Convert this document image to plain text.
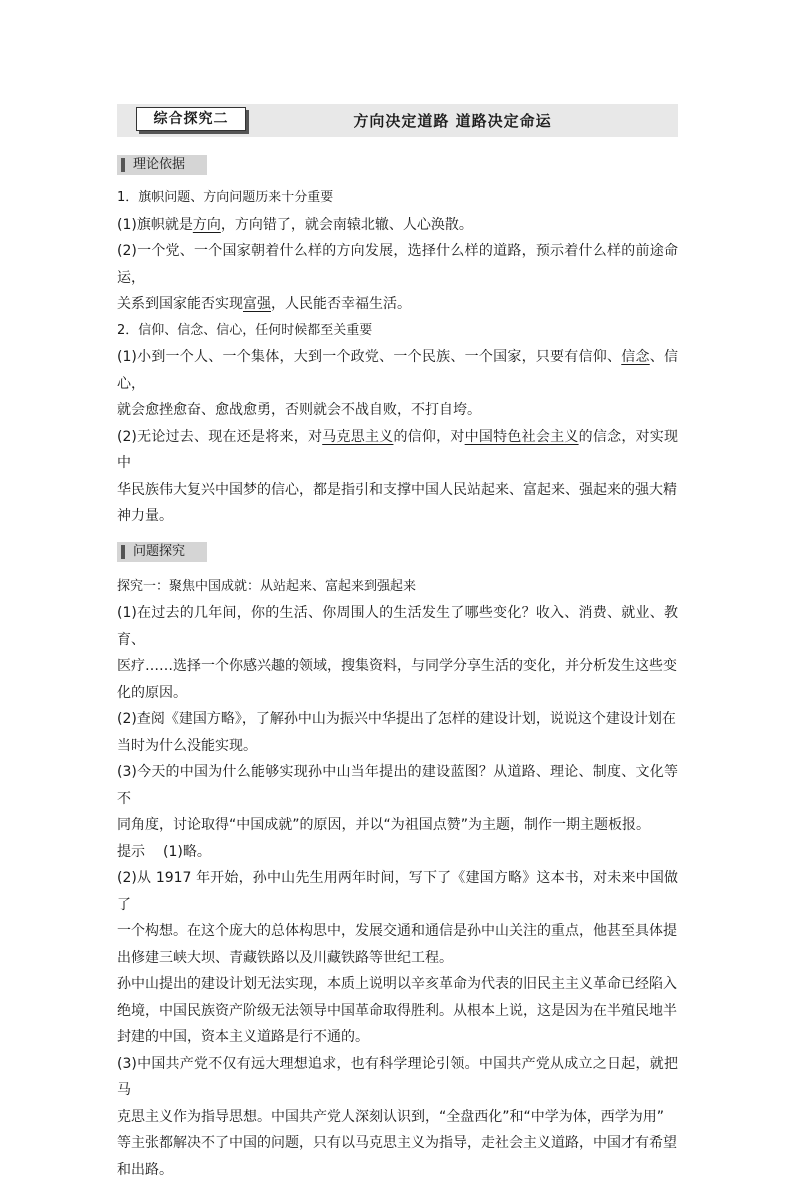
综合探究二	方向决定道路 道路决定命运
理论依据

1．旗帜问题、方向问题历来十分重要

(1)旗帜就是方向，方向错了，就会南辕北辙、人心涣散。

(2)一个党、一个国家朝着什么样的方向发展，选择什么样的道路，预示着什么样的前途命运，

关系到国家能否实现富强，人民能否幸福生活。

2．信仰、信念、信心，任何时候都至关重要

(1)小到一个人、一个集体，大到一个政党、一个民族、一个国家，只要有信仰、信念、信心，

就会愈挫愈奋、愈战愈勇，否则就会不战自败，不打自垮。

(2)无论过去、现在还是将来，对马克思主义的信仰，对中国特色社会主义的信念，对实现中

华民族伟大复兴中国梦的信心，都是指引和支撑中国人民站起来、富起来、强起来的强大精

神力量。

问题探究

探究一：聚焦中国成就：从站起来、富起来到强起来

(1)在过去的几年间，你的生活、你周围人的生活发生了哪些变化？收入、消费、就业、教育、

医疗……选择一个你感兴趣的领域，搜集资料，与同学分享生活的变化，并分析发生这些变

化的原因。

(2)查阅《建国方略》，了解孙中山为振兴中华提出了怎样的建设计划，说说这个建设计划在

当时为什么没能实现。

(3)今天的中国为什么能够实现孙中山当年提出的建设蓝图？从道路、理论、制度、文化等不

同角度，讨论取得“中国成就”的原因，并以“为祖国点赞”为主题，制作一期主题板报。

提示 (1)略。

(2)从 1917 年开始，孙中山先生用两年时间，写下了《建国方略》这本书，对未来中国做了

一个构想。在这个庞大的总体构思中，发展交通和通信是孙中山关注的重点，他甚至具体提

出修建三峡大坝、青藏铁路以及川藏铁路等世纪工程。

孙中山提出的建设计划无法实现，本质上说明以辛亥革命为代表的旧民主主义革命已经陷入

绝境，中国民族资产阶级无法领导中国革命取得胜利。从根本上说，这是因为在半殖民地半

封建的中国，资本主义道路是行不通的。

(3)中国共产党不仅有远大理想追求，也有科学理论引领。中国共产党从成立之日起，就把马

克思主义作为指导思想。中国共产党人深刻认识到，“全盘西化”和“中学为体，西学为用”

等主张都解决不了中国的问题，只有以马克思主义为指导，走社会主义道路，中国才有希望

和出路。
